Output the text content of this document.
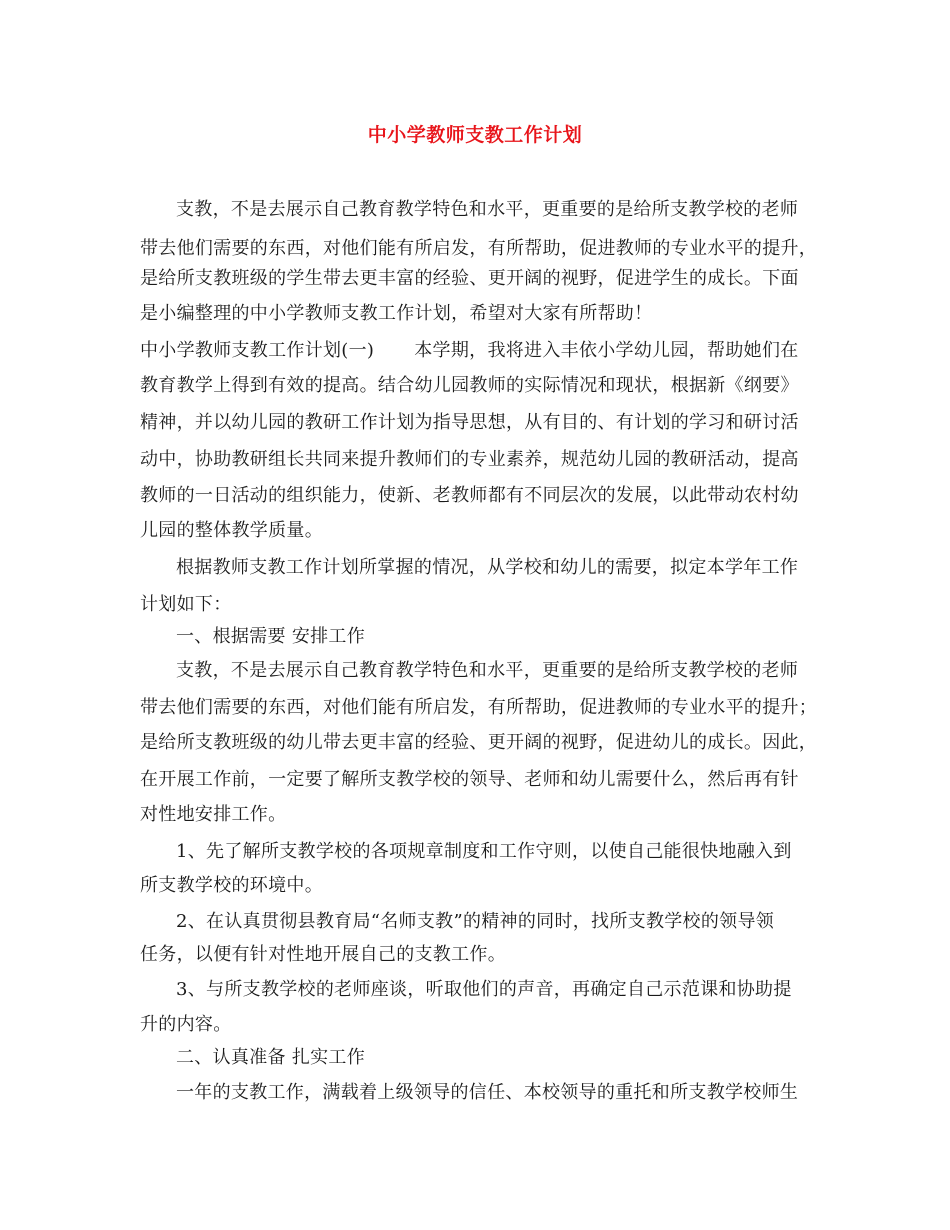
中小学教师支教工作计划
支教，不是去展示自己教育教学特色和水平，更重要的是给所支教学校的老师
带去他们需要的东西，对他们能有所启发，有所帮助，促进教师的专业水平的提升，
是给所支教班级的学生带去更丰富的经验、更开阔的视野，促进学生的成长。下面
是小编整理的中小学教师支教工作计划，希望对大家有所帮助！
中小学教师支教工作计划(一) 本学期，我将进入丰依小学幼儿园，帮助她们在
教育教学上得到有效的提高。结合幼儿园教师的实际情况和现状，根据新《纲要》
精神，并以幼儿园的教研工作计划为指导思想，从有目的、有计划的学习和研讨活
动中，协助教研组长共同来提升教师们的专业素养，规范幼儿园的教研活动，提高
教师的一日活动的组织能力，使新、老教师都有不同层次的发展，以此带动农村幼
儿园的整体教学质量。
根据教师支教工作计划所掌握的情况，从学校和幼儿的需要，拟定本学年工作
计划如下：
一、根据需要 安排工作
支教，不是去展示自己教育教学特色和水平，更重要的是给所支教学校的老师
带去他们需要的东西，对他们能有所启发，有所帮助，促进教师的专业水平的提升；
是给所支教班级的幼儿带去更丰富的经验、更开阔的视野，促进幼儿的成长。因此，
在开展工作前，一定要了解所支教学校的领导、老师和幼儿需要什么，然后再有针
对性地安排工作。
1、先了解所支教学校的各项规章制度和工作守则，以使自己能很快地融入到
所支教学校的环境中。
2、在认真贯彻县教育局“名师支教”的精神的同时，找所支教学校的领导领
任务，以便有针对性地开展自己的支教工作。
3、与所支教学校的老师座谈，听取他们的声音，再确定自己示范课和协助提
升的内容。
二、认真准备 扎实工作
一年的支教工作，满载着上级领导的信任、本校领导的重托和所支教学校师生
